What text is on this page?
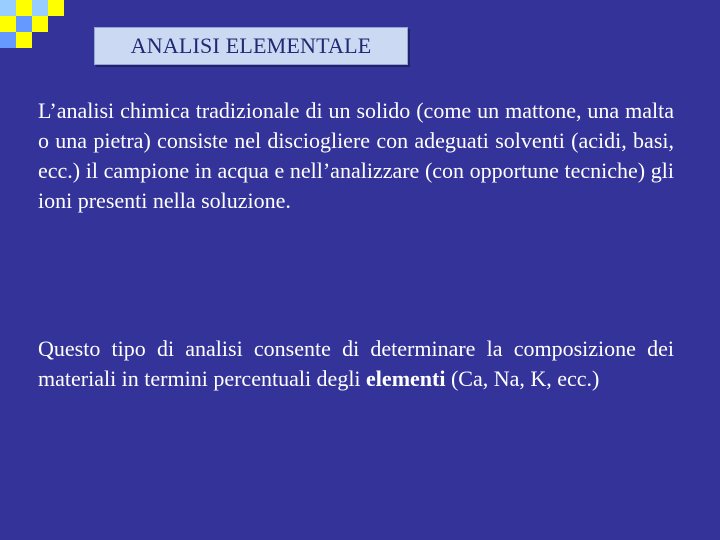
ANALISI ELEMENTALE
L’analisi chimica tradizionale di un solido (come un mattone, una malta o una pietra) consiste nel disciogliere con adeguati solventi (acidi, basi, ecc.) il campione in acqua e nell’analizzare (con opportune tecniche) gli ioni presenti nella soluzione.
Questo tipo di analisi consente di determinare la composizione dei materiali in termini percentuali degli elementi (Ca, Na, K, ecc.)
